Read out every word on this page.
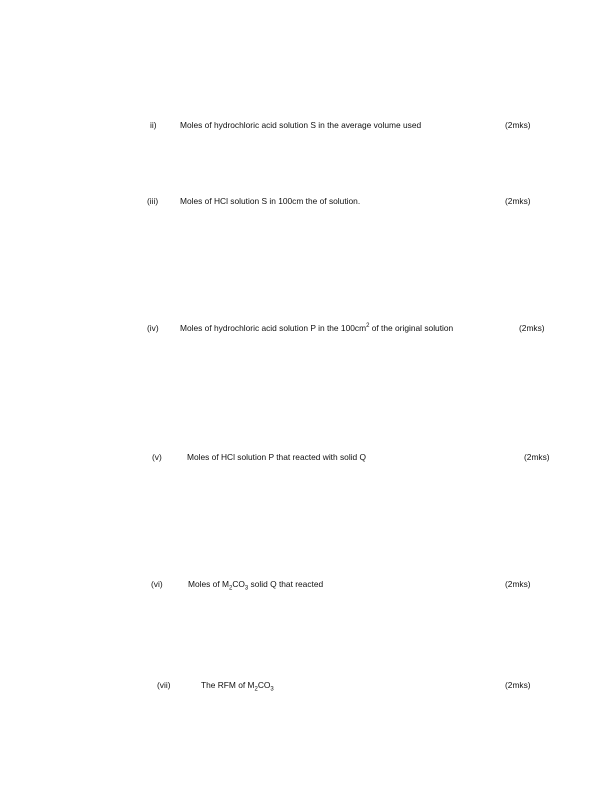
ii)	Moles of hydrochloric acid solution S in the average volume used	(2mks)
(iii)	Moles of HCl solution S in 100cm the of solution.	(2mks)
(iv)	Moles of hydrochloric acid solution P in the $100cm^2$ of the original solution	(2mks)
(v)	Moles of HCl solution P that reacted with solid Q	(2mks)
(vi)	Moles of $M_2CO_3$ solid Q that reacted	(2mks)
(vii)	The RFM of $M_2CO_3$	(2mks)
